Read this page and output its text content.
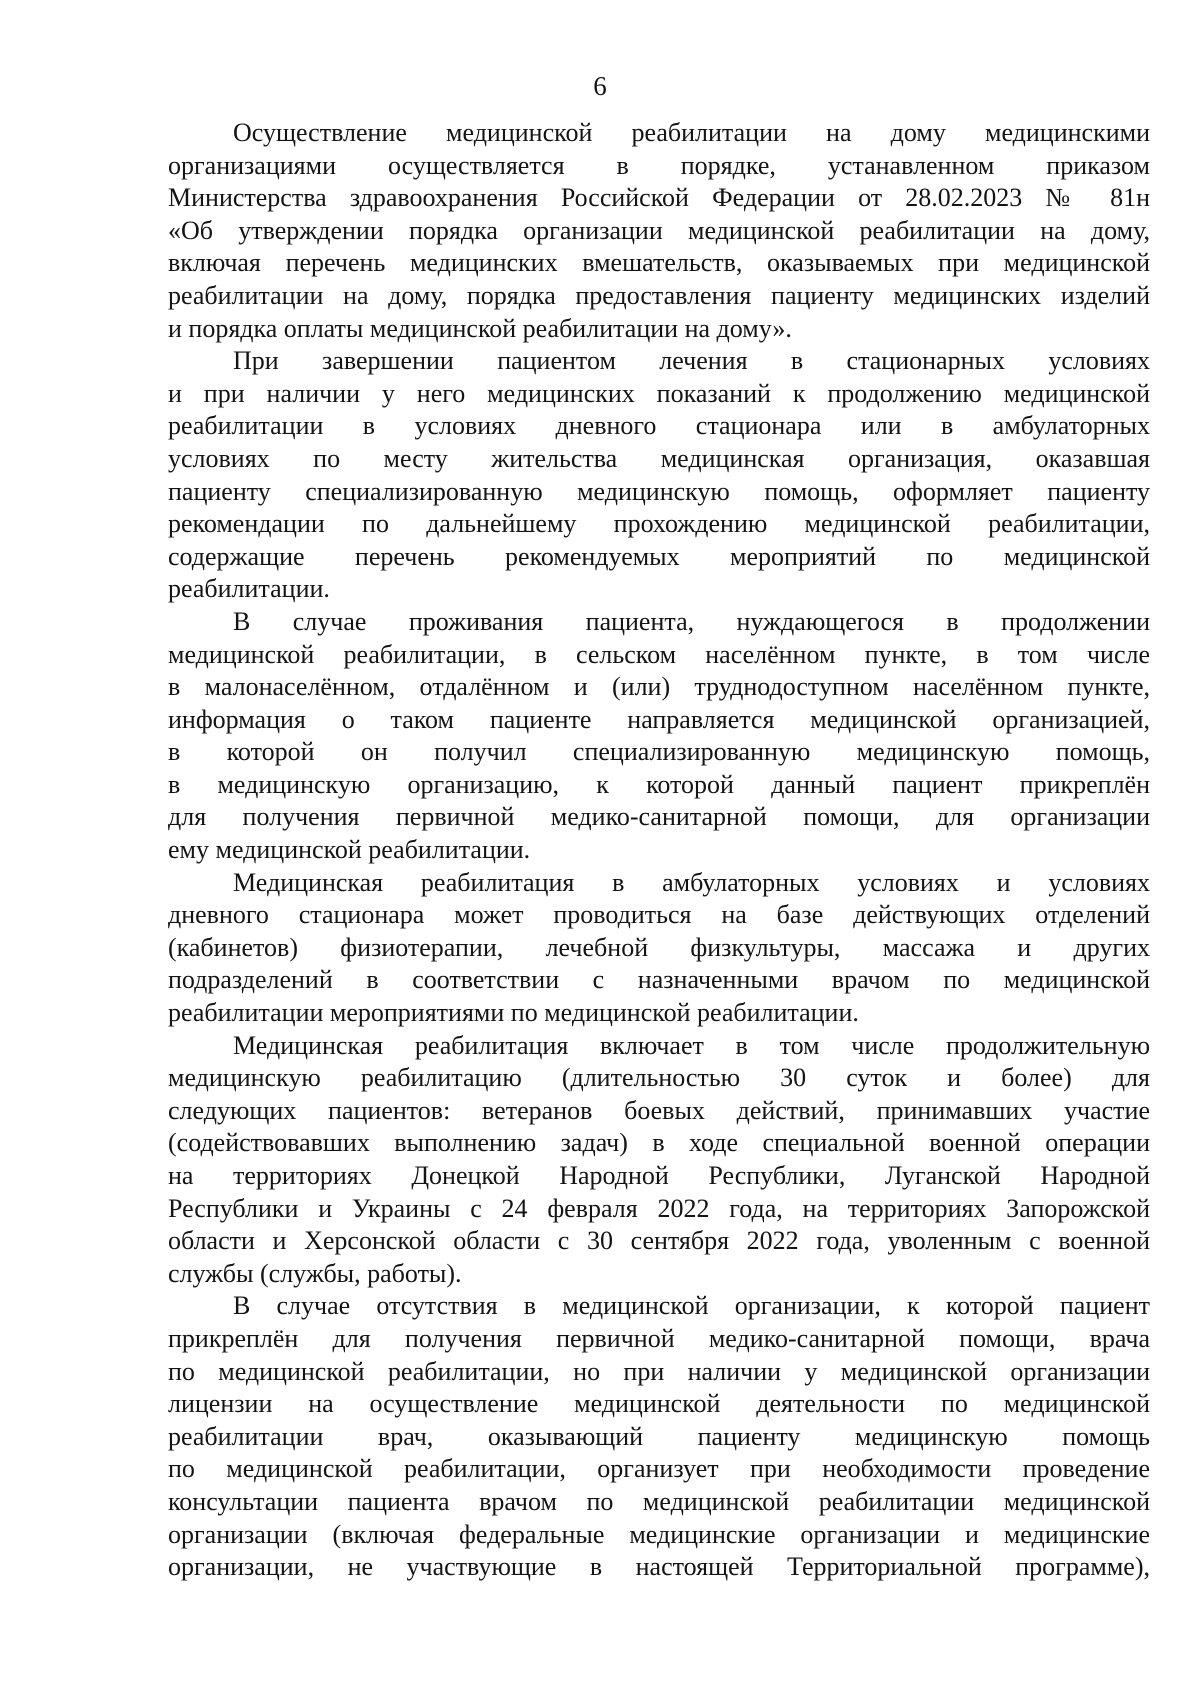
6
Осуществление медицинской реабилитации на дому медицинскими
организациями осуществляется в порядке, устанавленном приказом
Министерства здравоохранения Российской Федерации от 28.02.2023 № 81н
«Об утверждении порядка организации медицинской реабилитации на дому,
включая перечень медицинских вмешательств, оказываемых при медицинской
реабилитации на дому, порядка предоставления пациенту медицинских изделий
и порядка оплаты медицинской реабилитации на дому».
При завершении пациентом лечения в стационарных условиях
и при наличии у него медицинских показаний к продолжению медицинской
реабилитации в условиях дневного стационара или в амбулаторных
условиях по месту жительства медицинская организация, оказавшая
пациенту специализированную медицинскую помощь, оформляет пациенту
рекомендации по дальнейшему прохождению медицинской реабилитации,
содержащие перечень рекомендуемых мероприятий по медицинской
реабилитации.
В случае проживания пациента, нуждающегося в продолжении
медицинской реабилитации, в сельском населённом пункте, в том числе
в малонаселённом, отдалённом и (или) труднодоступном населённом пункте,
информация о таком пациенте направляется медицинской организацией,
в которой он получил специализированную медицинскую помощь,
в медицинскую организацию, к которой данный пациент прикреплён
для получения первичной медико-санитарной помощи, для организации
ему медицинской реабилитации.
Медицинская реабилитация в амбулаторных условиях и условиях
дневного стационара может проводиться на базе действующих отделений
(кабинетов) физиотерапии, лечебной физкультуры, массажа и других
подразделений в соответствии с назначенными врачом по медицинской
реабилитации мероприятиями по медицинской реабилитации.
Медицинская реабилитация включает в том числе продолжительную
медицинскую реабилитацию (длительностью 30 суток и более) для
следующих пациентов: ветеранов боевых действий, принимавших участие
(содействовавших выполнению задач) в ходе специальной военной операции
на территориях Донецкой Народной Республики, Луганской Народной
Республики и Украины с 24 февраля 2022 года, на территориях Запорожской
области и Херсонской области с 30 сентября 2022 года, уволенным с военной
службы (службы, работы).
В случае отсутствия в медицинской организации, к которой пациент
прикреплён для получения первичной медико-санитарной помощи, врача
по медицинской реабилитации, но при наличии у медицинской организации
лицензии на осуществление медицинской деятельности по медицинской
реабилитации врач, оказывающий пациенту медицинскую помощь
по медицинской реабилитации, организует при необходимости проведение
консультации пациента врачом по медицинской реабилитации медицинской
организации (включая федеральные медицинские организации и медицинские
организации, не участвующие в настоящей Территориальной программе),
